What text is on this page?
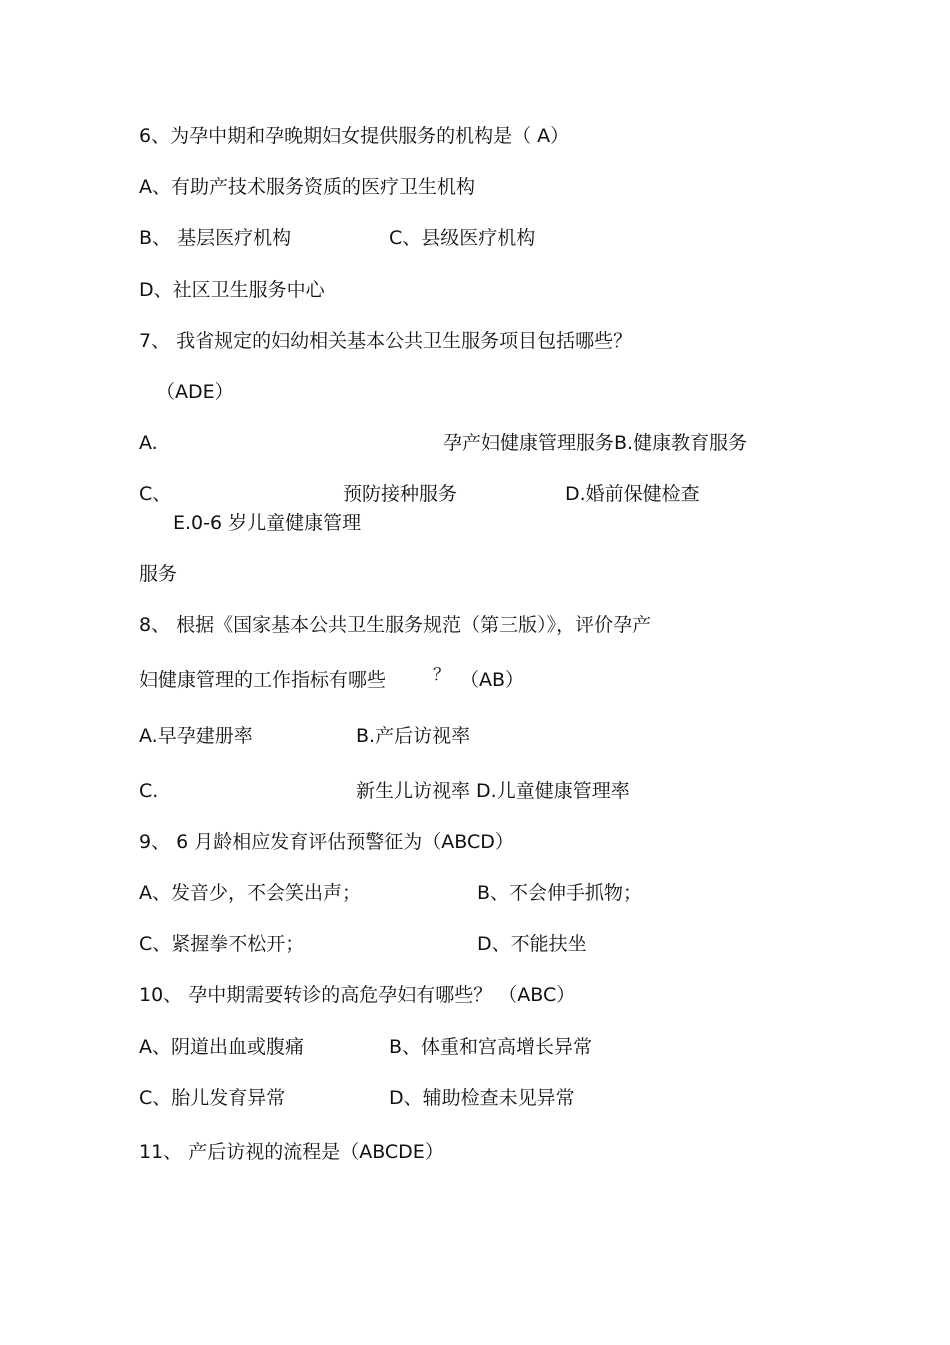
6、为孕中期和孕晚期妇女提供服务的机构是（ A）
A、有助产技术服务资质的医疗卫生机构
B、 基层医疗机构	C、县级医疗机构
D、社区卫生服务中心
7、 我省规定的妇幼相关基本公共卫生服务项目包括哪些？
（ADE）
A.	孕产妇健康管理服务B.健康教育服务
C、	预防接种服务	D.婚前保健检查
E.0-6 岁儿童健康管理
服务
8、 根据《国家基本公共卫生服务规范（第三版）》，评价孕产
妇健康管理的工作指标有哪些	？ （AB）
A.早孕建册率	B.产后访视率
C.	新生儿访视率 D.儿童健康管理率
9、 6 月龄相应发育评估预警征为（ABCD）
A、发音少，不会笑出声；	B、不会伸手抓物；
C、紧握拳不松开；	D、不能扶坐
10、 孕中期需要转诊的高危孕妇有哪些？ （ABC）
A、阴道出血或腹痛	B、体重和宫高增长异常
C、胎儿发育异常	D、辅助检查未见异常
11、 产后访视的流程是（ABCDE）
